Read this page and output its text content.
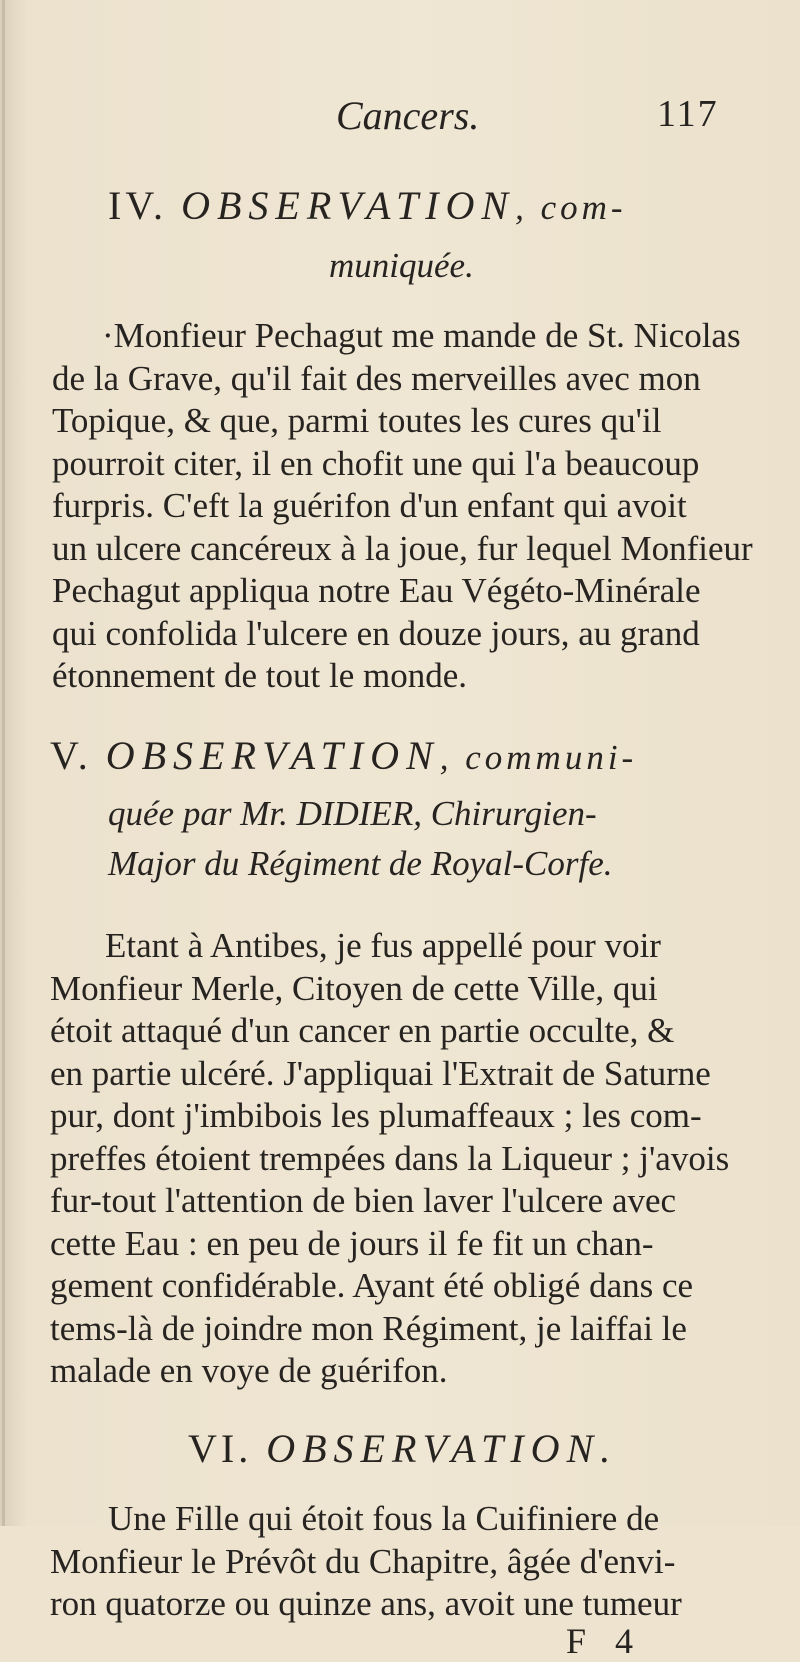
Cancers.	117
IV. OBSERVATION, com-
muniquée.
·Monfieur Pechagut me mande de St. Nicolas
de la Grave, qu'il fait des merveilles avec mon
Topique, & que, parmi toutes les cures qu'il
pourroit citer, il en chofit une qui l'a beaucoup
furpris. C'eft la guérifon d'un enfant qui avoit
un ulcere cancéreux à la joue, fur lequel Monfieur
Pechagut appliqua notre Eau Végéto-Minérale
qui confolida l'ulcere en douze jours, au grand
étonnement de tout le monde.
V. OBSERVATION, communi-
quée par Mr. DIDIER, Chirurgien-
Major du Régiment de Royal-Corfe.
Etant à Antibes, je fus appellé pour voir
Monfieur Merle, Citoyen de cette Ville, qui
étoit attaqué d'un cancer en partie occulte, &
en partie ulcéré. J'appliquai l'Extrait de Saturne
pur, dont j'imbibois les plumaffeaux ; les com-
preffes étoient trempées dans la Liqueur ; j'avois
fur-tout l'attention de bien laver l'ulcere avec
cette Eau : en peu de jours il fe fit un chan-
gement confidérable. Ayant été obligé dans ce
tems-là de joindre mon Régiment, je laiffai le
malade en voye de guérifon.
VI. OBSERVATION.
Une Fille qui étoit fous la Cuifiniere de
Monfieur le Prévôt du Chapitre, âgée d'envi-
ron quatorze ou quinze ans, avoit une tumeur
F 4
